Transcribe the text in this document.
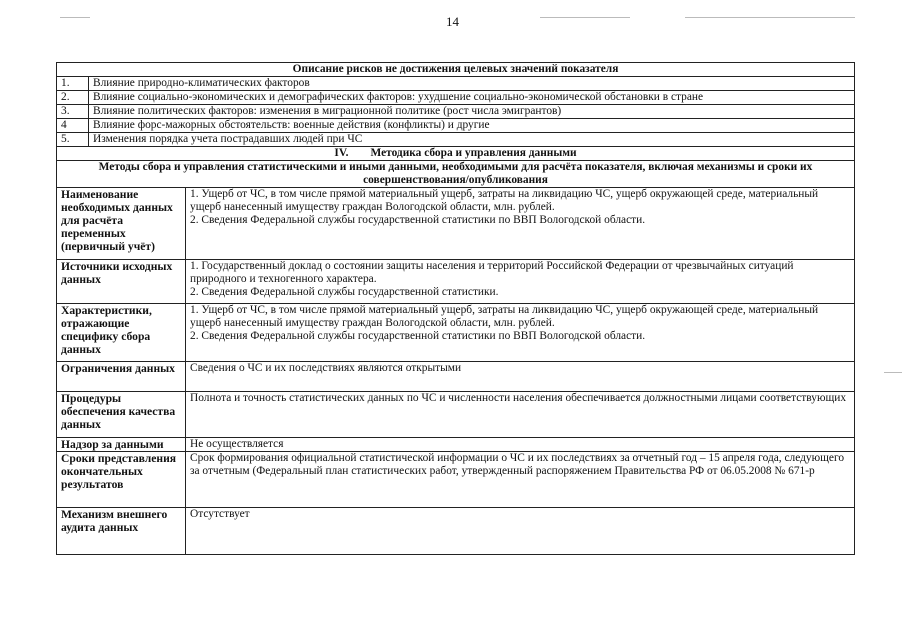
14
Описание рисков не достижения целевых значений показателя		
1.	Влияние природно-климатических факторов	
2.	Влияние социально-экономических и демографических факторов: ухудшение социально-экономической обстановки в стране	
3.	Влияние политических факторов: изменения в миграционной политике (рост числа эмигрантов)	
4	Влияние форс-мажорных обстоятельств: военные действия (конфликты) и другие	
5.	Изменения порядка учета пострадавших людей при ЧС	
IV. Методика сбора и управления данными		
Методы сбора и управления статистическими и иными данными, необходимыми для расчёта показателя, включая механизмы и сроки их совершенствования/опубликования		
Наименование необходимых данных для расчёта переменных (первичный учёт)		1. Ущерб от ЧС, в том числе прямой материальный ущерб, затраты на ликвидацию ЧС, ущерб окружающей среде, материальный ущерб нанесенный имуществу граждан Вологодской области, млн. рублей.
2. Сведения Федеральной службы государственной статистики по ВВП Вологодской области.

Источники исходных данных		1. Государственный доклад о состоянии защиты населения и территорий Российской Федерации от чрезвычайных ситуаций природного и техногенного характера.
2. Сведения Федеральной службы государственной статистики.

Характеристики, отражающие специфику сбора данных		1. Ущерб от ЧС, в том числе прямой материальный ущерб, затраты на ликвидацию ЧС, ущерб окружающей среде, материальный ущерб нанесенный имуществу граждан Вологодской области, млн. рублей.
2. Сведения Федеральной службы государственной статистики по ВВП Вологодской области.

Ограничения данных		Сведения о ЧС и их последствиях являются открытыми

Процедуры обеспечения качества данных		Полнота и точность статистических данных по ЧС и численности населения обеспечивается должностными лицами соответствующих

Надзор за данными		Не осуществляется

Сроки представления окончательных результатов		Срок формирования официальной статистической информации о ЧС и их последствиях за отчетный год – 15 апреля года, следующего за отчетным (Федеральный план статистических работ, утвержденный распоряжением Правительства РФ от 06.05.2008 № 671-р

Механизм внешнего аудита данных		Отсутствует
